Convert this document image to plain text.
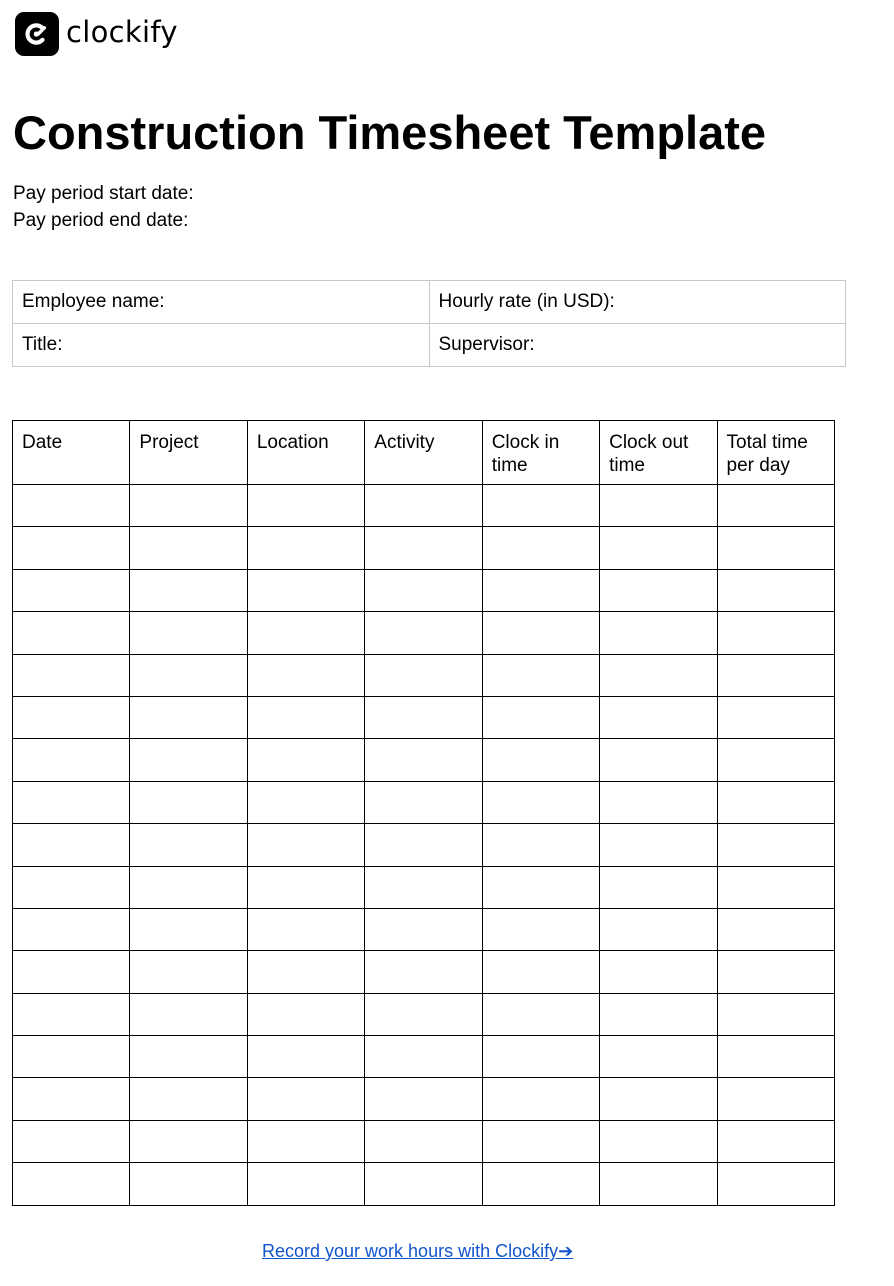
clockify
Construction Timesheet Template
Pay period start date:
Pay period end date:
Employee name:	Hourly rate (in USD):
Title:	Supervisor:
Date	Project	Location	Activity	Clock in time	Clock out time	Total time per day

Record your work hours with Clockify➔
